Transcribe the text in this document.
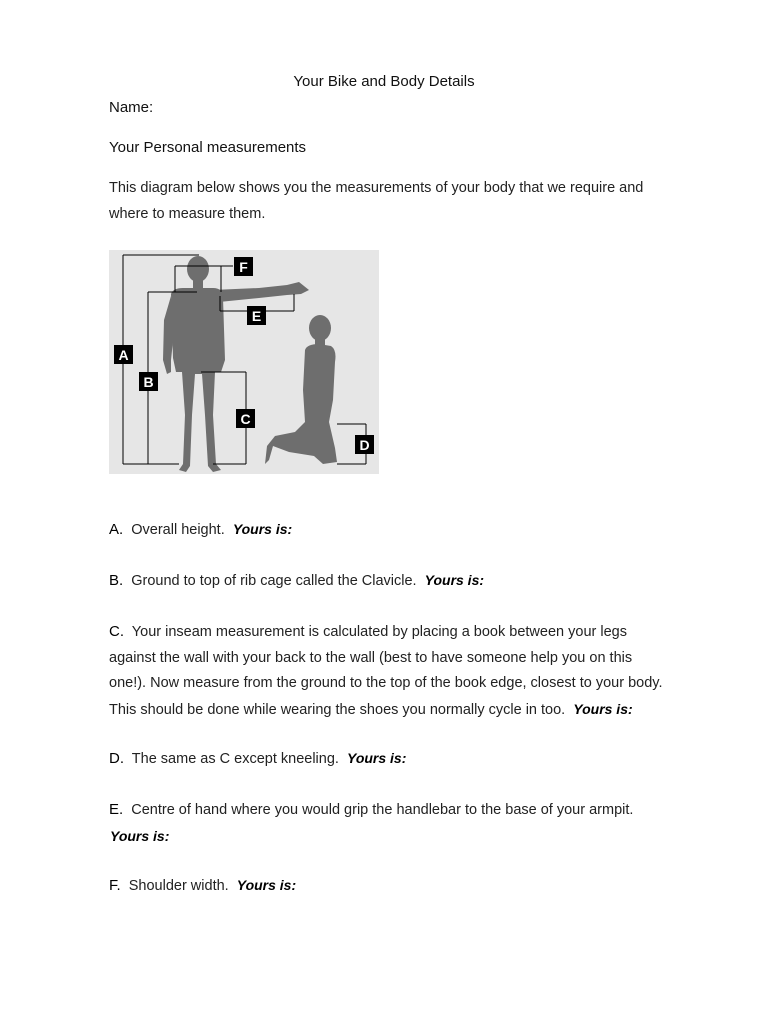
Your Bike and Body Details
Name:
Your Personal measurements
This diagram below shows you the measurements of your body that we require and
where to measure them.
A
B
C
D
E
F
A. Overall height. Yours is:
B. Ground to top of rib cage called the Clavicle. Yours is:
C. Your inseam measurement is calculated by placing a book between your legs
against the wall with your back to the wall (best to have someone help you on this
one!). Now measure from the ground to the top of the book edge, closest to your body.
This should be done while wearing the shoes you normally cycle in too. Yours is:
D. The same as C except kneeling. Yours is:
E. Centre of hand where you would grip the handlebar to the base of your armpit.
Yours is:
F. Shoulder width. Yours is:
